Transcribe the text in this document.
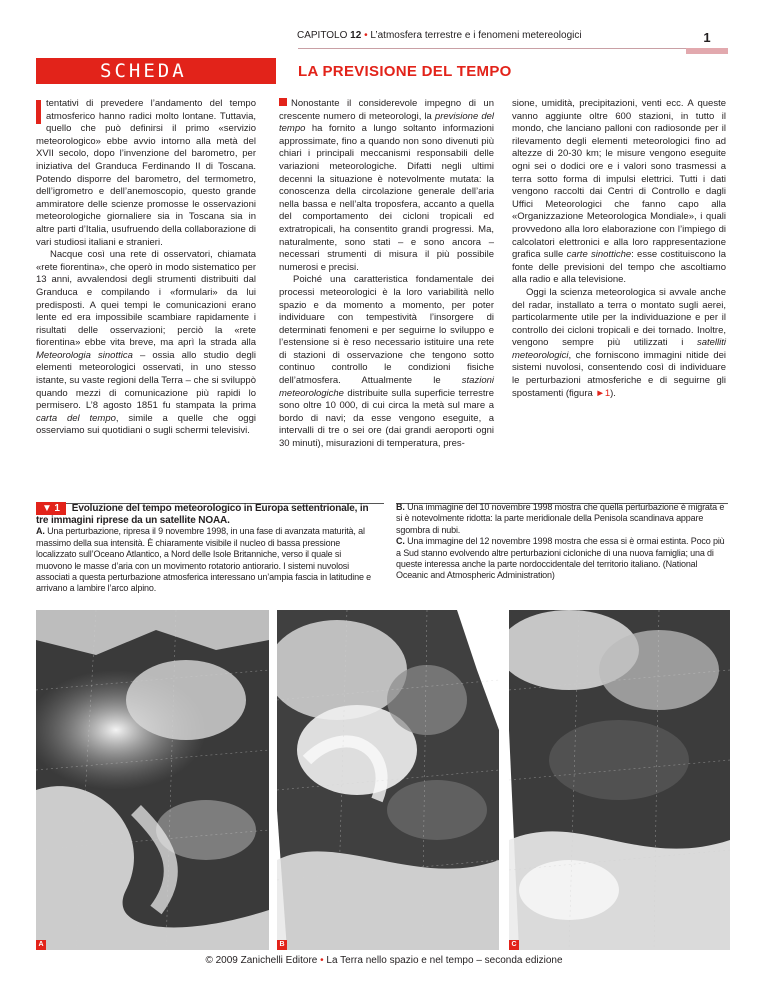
CAPITOLO 12 • L’atmosfera terrestre e i fenomeni metereologici	1
SCHEDA	LA PREVISIONE DEL TEMPO

tentativi di prevedere l’andamento del tempo atmosferico hanno radici molto lontane. Tuttavia, quello che può definirsi il primo «servizio meteorologico» ebbe avvio intorno alla metà del XVII secolo, dopo l’invenzione del barometro, per iniziativa del Granduca Ferdinando II di Toscana. Potendo disporre del barometro, del termometro, dell’igrometro e dell’anemoscopio, questo grande ammiratore delle scienze promosse le osservazioni meteorologiche giornaliere sia in Toscana sia in altre parti d’Italia, usufruendo della collaborazione di vari studiosi italiani e stranieri.

Nacque così una rete di osservatori, chiamata «rete fiorentina», che operò in modo sistematico per 13 anni, avvalendosi degli strumenti distribuiti dal Granduca e compilando i «formulari» da lui predisposti. A quei tempi le comunicazioni erano lente ed era impossibile scambiare rapidamente i risultati delle osservazioni; perciò la «rete fiorentina» ebbe vita breve, ma aprì la strada alla Meteorologia sinottica – ossia allo studio degli elementi meteorologici osservati, in uno stesso istante, su vaste regioni della Terra – che si sviluppò quando mezzi di comunicazione più rapidi lo permisero. L’8 agosto 1851 fu stampata la prima carta del tempo, simile a quelle che oggi osserviamo sui quotidiani o sugli schermi televisivi.

Nonostante il considerevole impegno di un crescente numero di meteorologi, la previsione del tempo ha fornito a lungo soltanto informazioni approssimate, fino a quando non sono divenuti più chiari i principali meccanismi responsabili delle variazioni meteorologiche. Difatti negli ultimi decenni la situazione è notevolmente mutata: la conoscenza della circolazione generale dell’aria nella bassa e nell’alta troposfera, accanto a quella del comportamento dei cicloni tropicali ed extratropicali, ha consentito grandi progressi. Ma, naturalmente, sono stati – e sono ancora – necessari strumenti di misura il più possibile numerosi e precisi.

Poiché una caratteristica fondamentale dei processi meteorologici è la loro variabilità nello spazio e da momento a momento, per poter individuare con tempestività l’insorgere di determinati fenomeni e per seguirne lo sviluppo e l’estensione si è reso necessario istituire una rete di stazioni di osservazione che tengono sotto continuo controllo le condizioni fisiche dell’atmosfera. Attualmente le stazioni meteorologiche distribuite sulla superficie terrestre sono oltre 10 000, di cui circa la metà sul mare a bordo di navi; da esse vengono eseguite, a intervalli di tre o sei ore (dai grandi aeroporti ogni 30 minuti), misurazioni di temperatura, pres-

sione, umidità, precipitazioni, venti ecc. A queste vanno aggiunte oltre 600 stazioni, in tutto il mondo, che lanciano palloni con radiosonde per il rilevamento degli elementi meteorologici fino ad altezze di 20-30 km; le misure vengono eseguite ogni sei o dodici ore e i valori sono trasmessi a terra sotto forma di impulsi elettrici. Tutti i dati vengono raccolti dai Centri di Controllo e dagli Uffici Meteorologici che fanno capo alla «Organizzazione Meteorologica Mondiale», i quali provvedono alla loro elaborazione con l’impiego di calcolatori elettronici e alla loro rappresentazione grafica sulle carte sinottiche: esse costituiscono la fonte delle previsioni del tempo che ascoltiamo alla radio e alla televisione.

Oggi la scienza meteorologica si avvale anche del radar, installato a terra o montato sugli aerei, particolarmente utile per la individuazione e per il controllo dei cicloni tropicali e dei tornado. Inoltre, vengono sempre più utilizzati i satelliti meteorologici, che forniscono immagini nitide dei sistemi nuvolosi, consentendo così di individuare le perturbazioni atmosferiche e di seguirne gli spostamenti (figura ►1).

▼ 1 Evoluzione del tempo meteorologico in Europa settentrionale, in tre immagini riprese da un satellite NOAA.

A. Una perturbazione, ripresa il 9 novembre 1998, in una fase di avanzata maturità, al massimo della sua intensità. È chiaramente visibile il nucleo di bassa pressione localizzato sull’Oceano Atlantico, a Nord delle Isole Britanniche, verso il quale si muovono le masse d’aria con un movimento rotatorio antiorario. I sistemi nuvolosi associati a questa perturbazione atmosferica interessano un’ampia fascia in latitudine e arrivano a lambire l’arco alpino.

B. Una immagine del 10 novembre 1998 mostra che quella perturbazione è migrata e si è notevolmente ridotta: la parte meridionale della Penisola scandinava appare sgombra di nubi.

C. Una immagine del 12 novembre 1998 mostra che essa si è ormai estinta. Poco più a Sud stanno evolvendo altre perturbazioni cicloniche di una nuova famiglia; una di queste interessa anche la parte nordoccidentale del territorio italiano. (National Oceanic and Atmospheric Administration)

A	B	C
© 2009 Zanichelli Editore • La Terra nello spazio e nel tempo – seconda edizione
